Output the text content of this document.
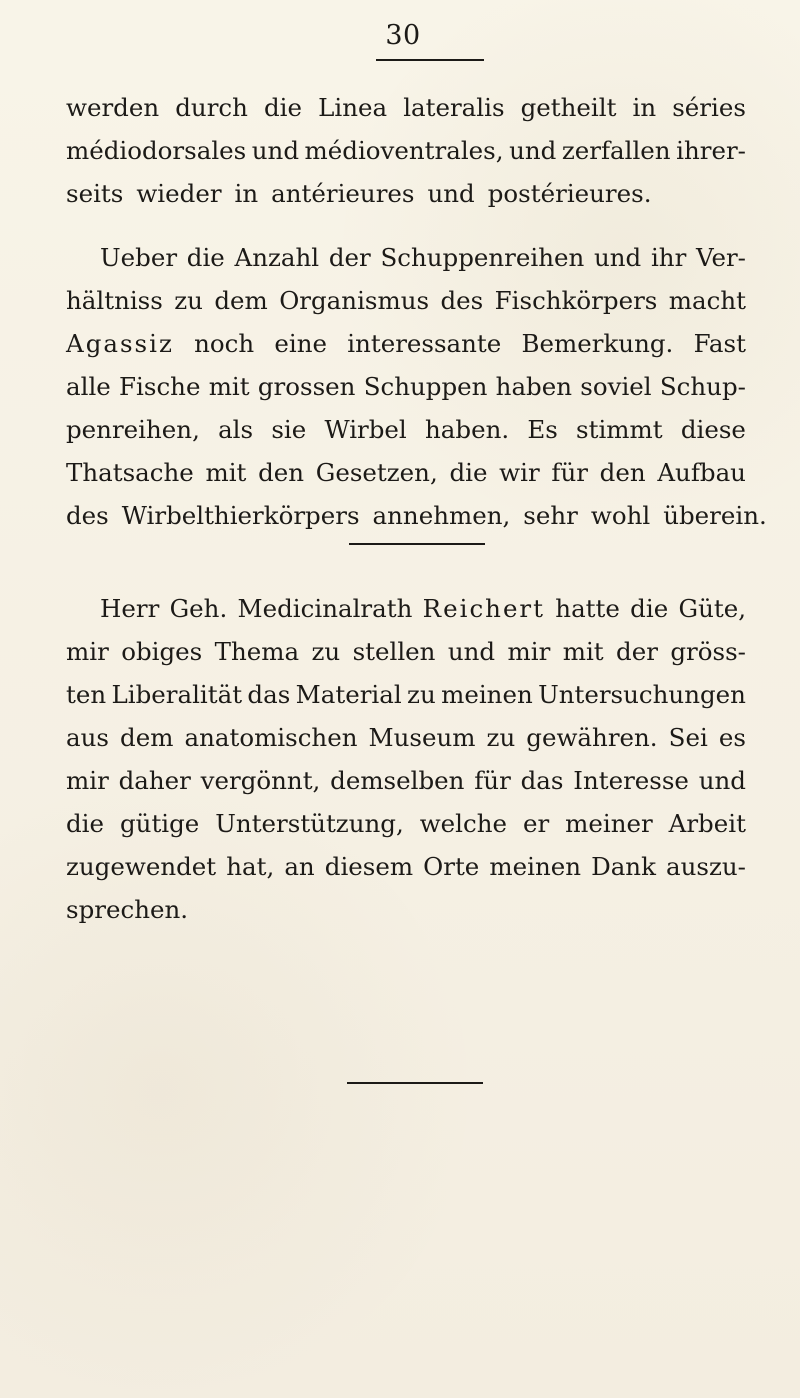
30
werden durch die Linea lateralis getheilt in séries
médiodorsales und médioventrales, und zerfallen ihrer-
seits wieder in antérieures und postérieures.
Ueber die Anzahl der Schuppenreihen und ihr Ver-
hältniss zu dem Organismus des Fischkörpers macht
Agassiz noch eine interessante Bemerkung. Fast
alle Fische mit grossen Schuppen haben soviel Schup-
penreihen, als sie Wirbel haben. Es stimmt diese
Thatsache mit den Gesetzen, die wir für den Aufbau
des Wirbelthierkörpers annehmen, sehr wohl überein.
Herr Geh. Medicinalrath Reichert hatte die Güte,
mir obiges Thema zu stellen und mir mit der gröss-
ten Liberalität das Material zu meinen Untersuchungen
aus dem anatomischen Museum zu gewähren. Sei es
mir daher vergönnt, demselben für das Interesse und
die gütige Unterstützung, welche er meiner Arbeit
zugewendet hat, an diesem Orte meinen Dank auszu-
sprechen.
